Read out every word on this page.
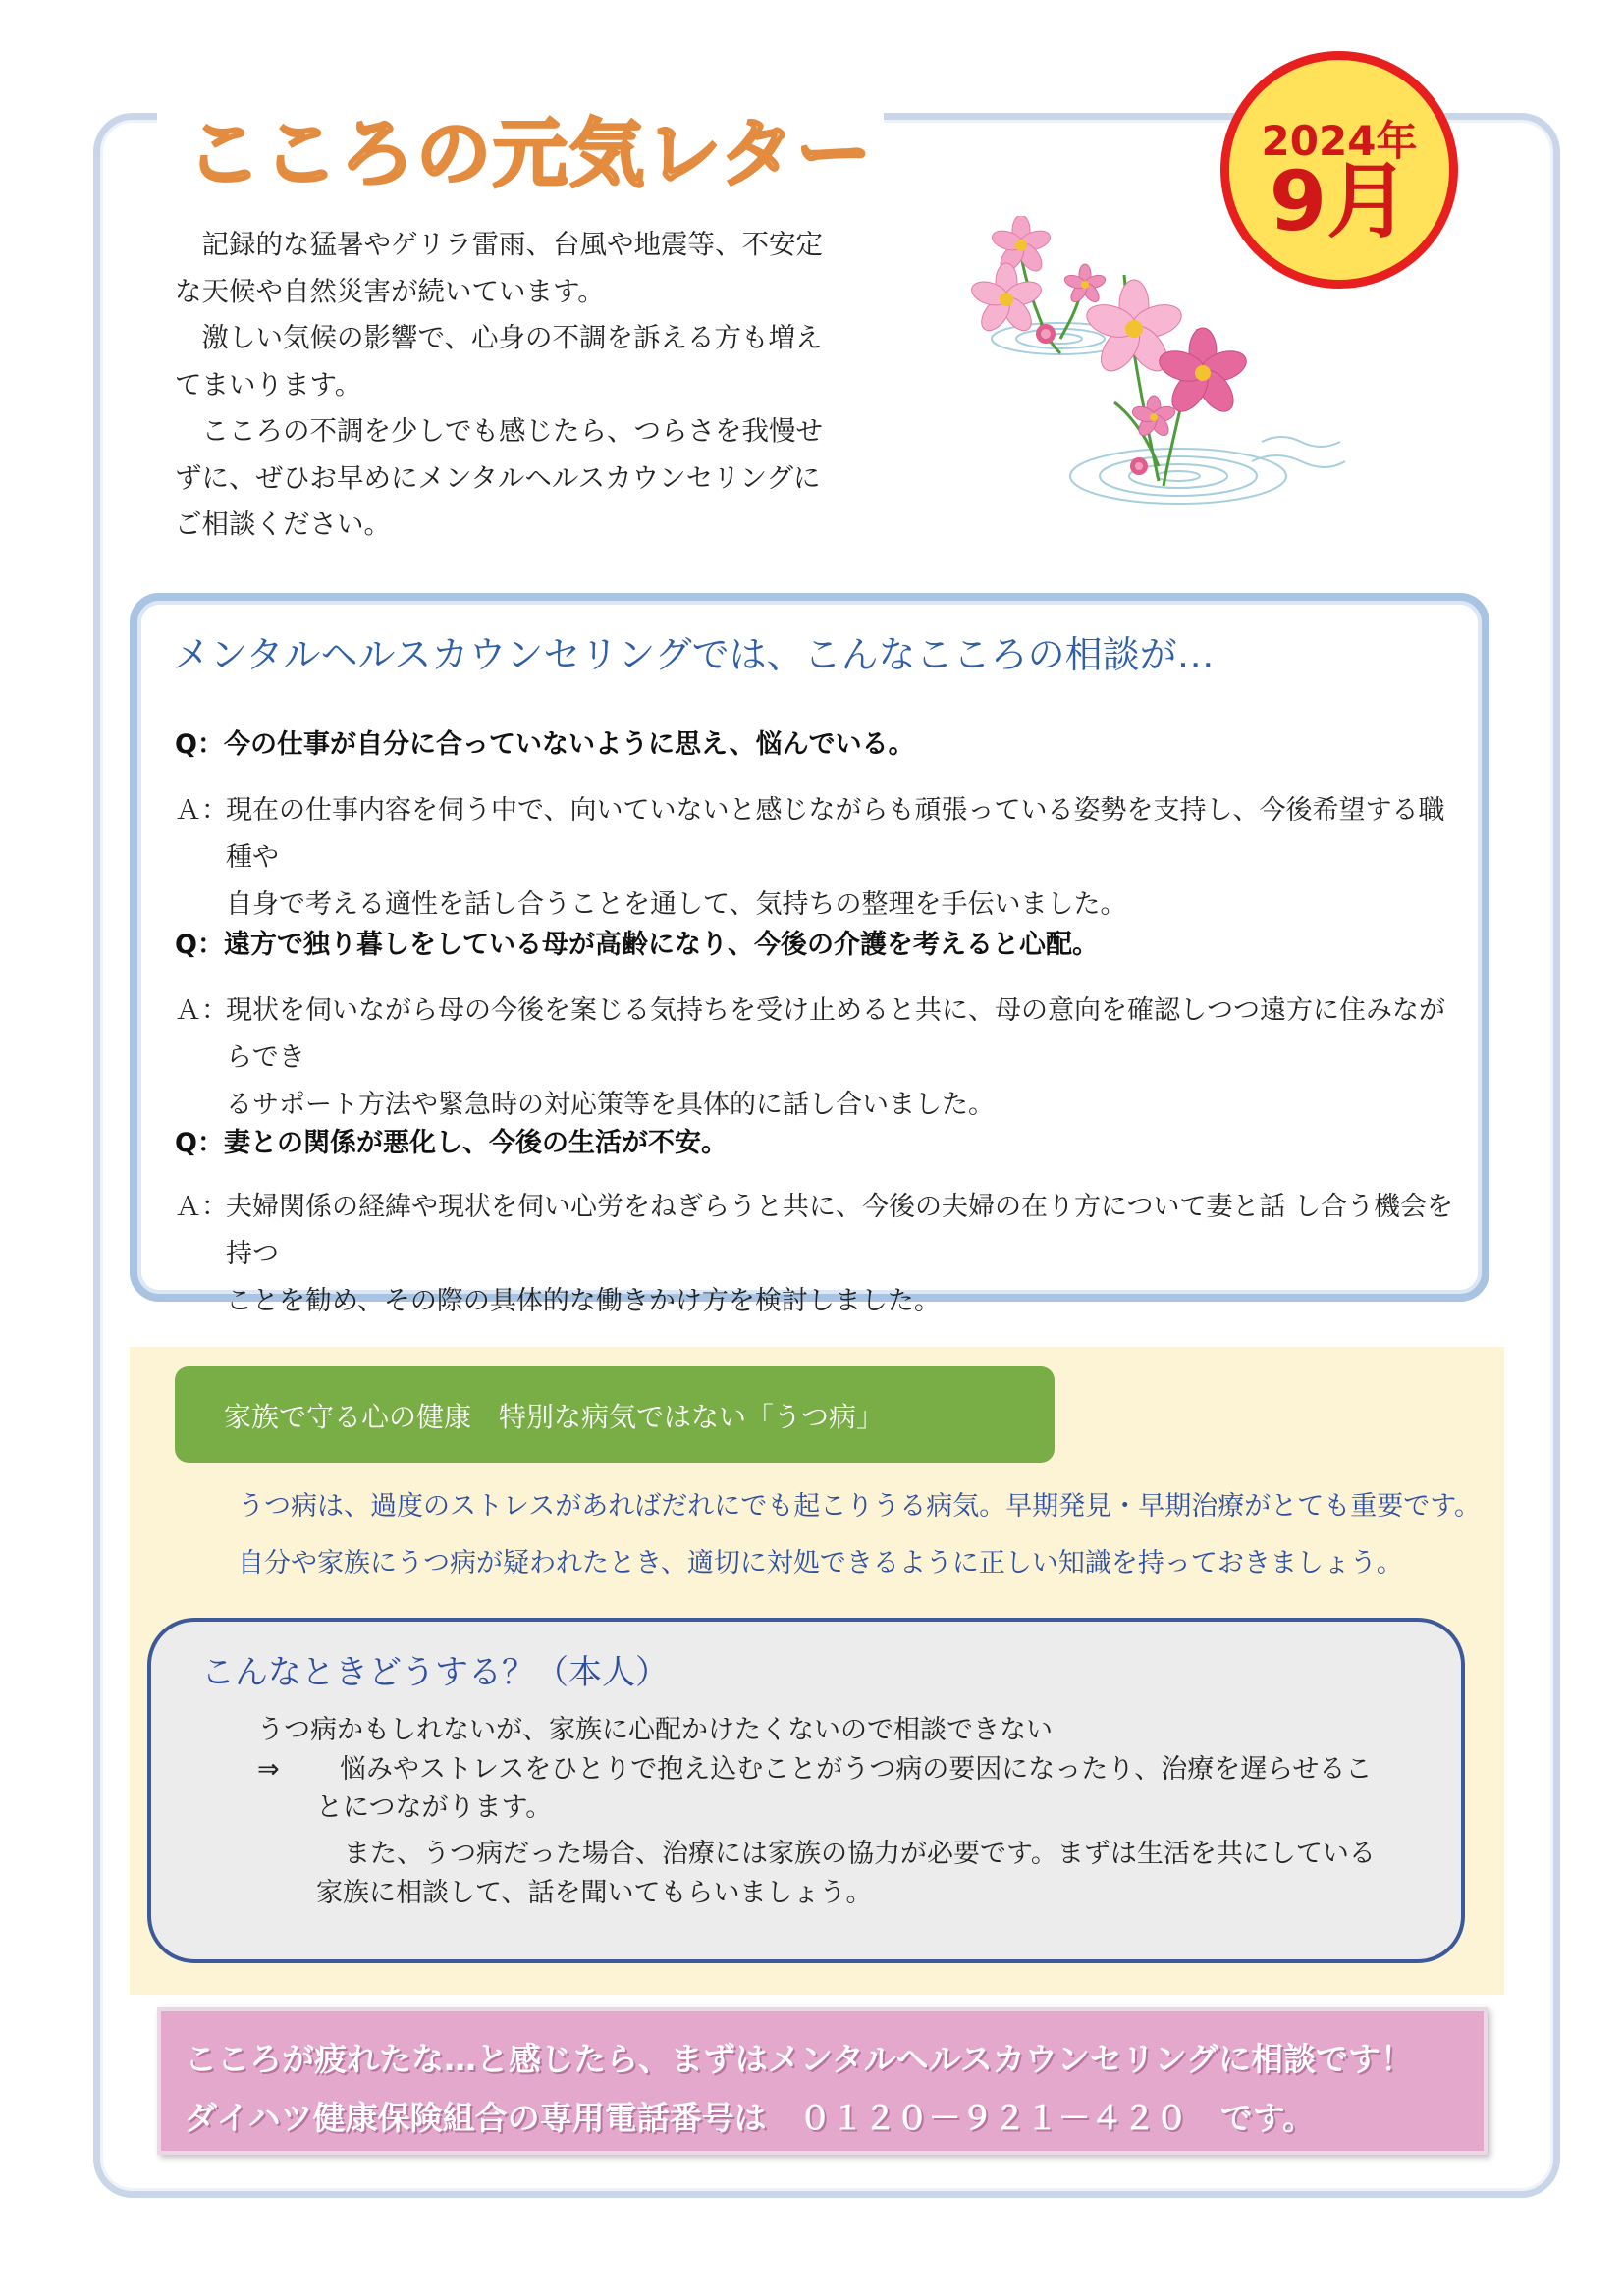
こころの元気レター	2024年
9月

記録的な猛暑やゲリラ雷雨、台風や地震等、不安定な天候や自然災害が続いています。

激しい気候の影響で、心身の不調を訴える方も増えてまいります。

こころの不調を少しでも感じたら、つらさを我慢せずに、ぜひお早めにメンタルヘルスカウンセリングにご相談ください。

メンタルヘルスカウンセリングでは、こんなこころの相談が…
Q：今の仕事が自分に合っていないように思え、悩んでいる。
Ａ：
現在の仕事内容を伺う中で、向いていないと感じながらも頑張っている姿勢を支持し、今後希望する職種や
自身で考える適性を話し合うことを通して、気持ちの整理を手伝いました。
Q：遠方で独り暮しをしている母が高齢になり、今後の介護を考えると心配。
Ａ：
現状を伺いながら母の今後を案じる気持ちを受け止めると共に、母の意向を確認しつつ遠方に住みながらでき
るサポート方法や緊急時の対応策等を具体的に話し合いました。
Q：妻との関係が悪化し、今後の生活が不安。
Ａ：
夫婦関係の経緯や現状を伺い心労をねぎらうと共に、今後の夫婦の在り方について妻と話 し合う機会を持つ
ことを勧め、その際の具体的な働きかけ方を検討しました。
家族で守る心の健康　特別な病気ではない「うつ病」
うつ病は、過度のストレスがあればだれにでも起こりうる病気。早期発見・早期治療がとても重要です。
自分や家族にうつ病が疑われたとき、適切に対処できるように正しい知識を持っておきましょう。
こんなときどうする？（本人）
うつ病かもしれないが、家族に心配かけたくないので相談できない
⇒ 悩みやストレスをひとりで抱え込むことがうつ病の要因になったり、治療を遅らせるこ
とにつながります。
また、うつ病だった場合、治療には家族の協力が必要です。まずは生活を共にしている
家族に相談して、話を聞いてもらいましょう。
こころが疲れたな…と感じたら、まずはメンタルヘルスカウンセリングに相談です！
ダイハツ健康保険組合の専用電話番号は　０１２０－９２１－４２０　です。
